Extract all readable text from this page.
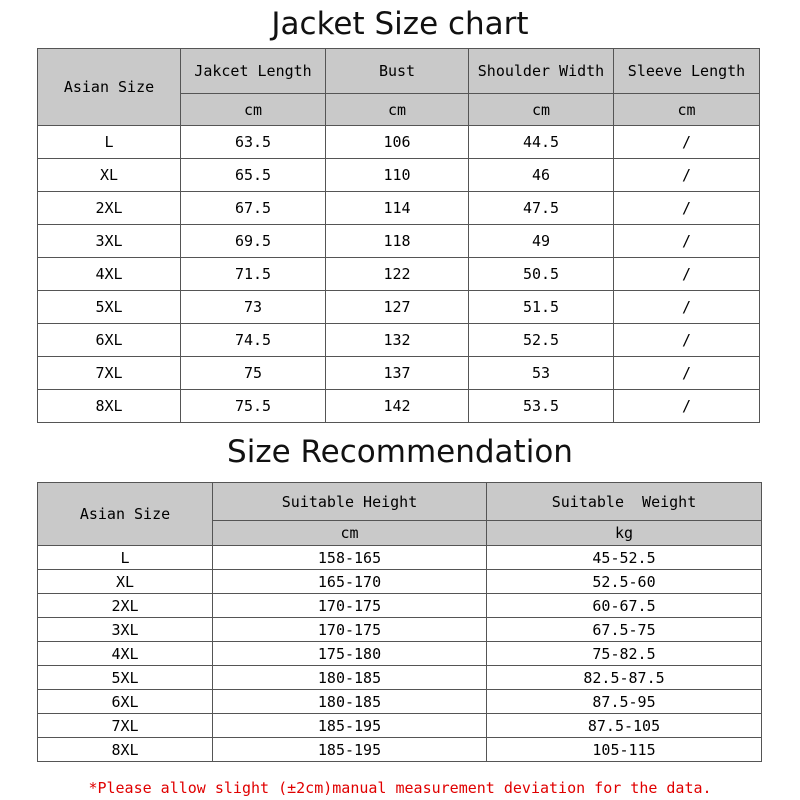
Jacket Size chart
Asian Size	Jakcet Length	Bust	Shoulder Width	Sleeve Length
	cm	cm	cm	cm
L	63.5	106	44.5	/
XL	65.5	110	46	/
2XL	67.5	114	47.5	/
3XL	69.5	118	49	/
4XL	71.5	122	50.5	/
5XL	73	127	51.5	/
6XL	74.5	132	52.5	/
7XL	75	137	53	/
8XL	75.5	142	53.5	/
Size Recommendation
Asian Size	Suitable Height	Suitable  Weight
	cm	kg
L	158-165	45-52.5
XL	165-170	52.5-60
2XL	170-175	60-67.5
3XL	170-175	67.5-75
4XL	175-180	75-82.5
5XL	180-185	82.5-87.5
6XL	180-185	87.5-95
7XL	185-195	87.5-105
8XL	185-195	105-115
*Please allow slight (±2cm)manual measurement deviation for the data.
